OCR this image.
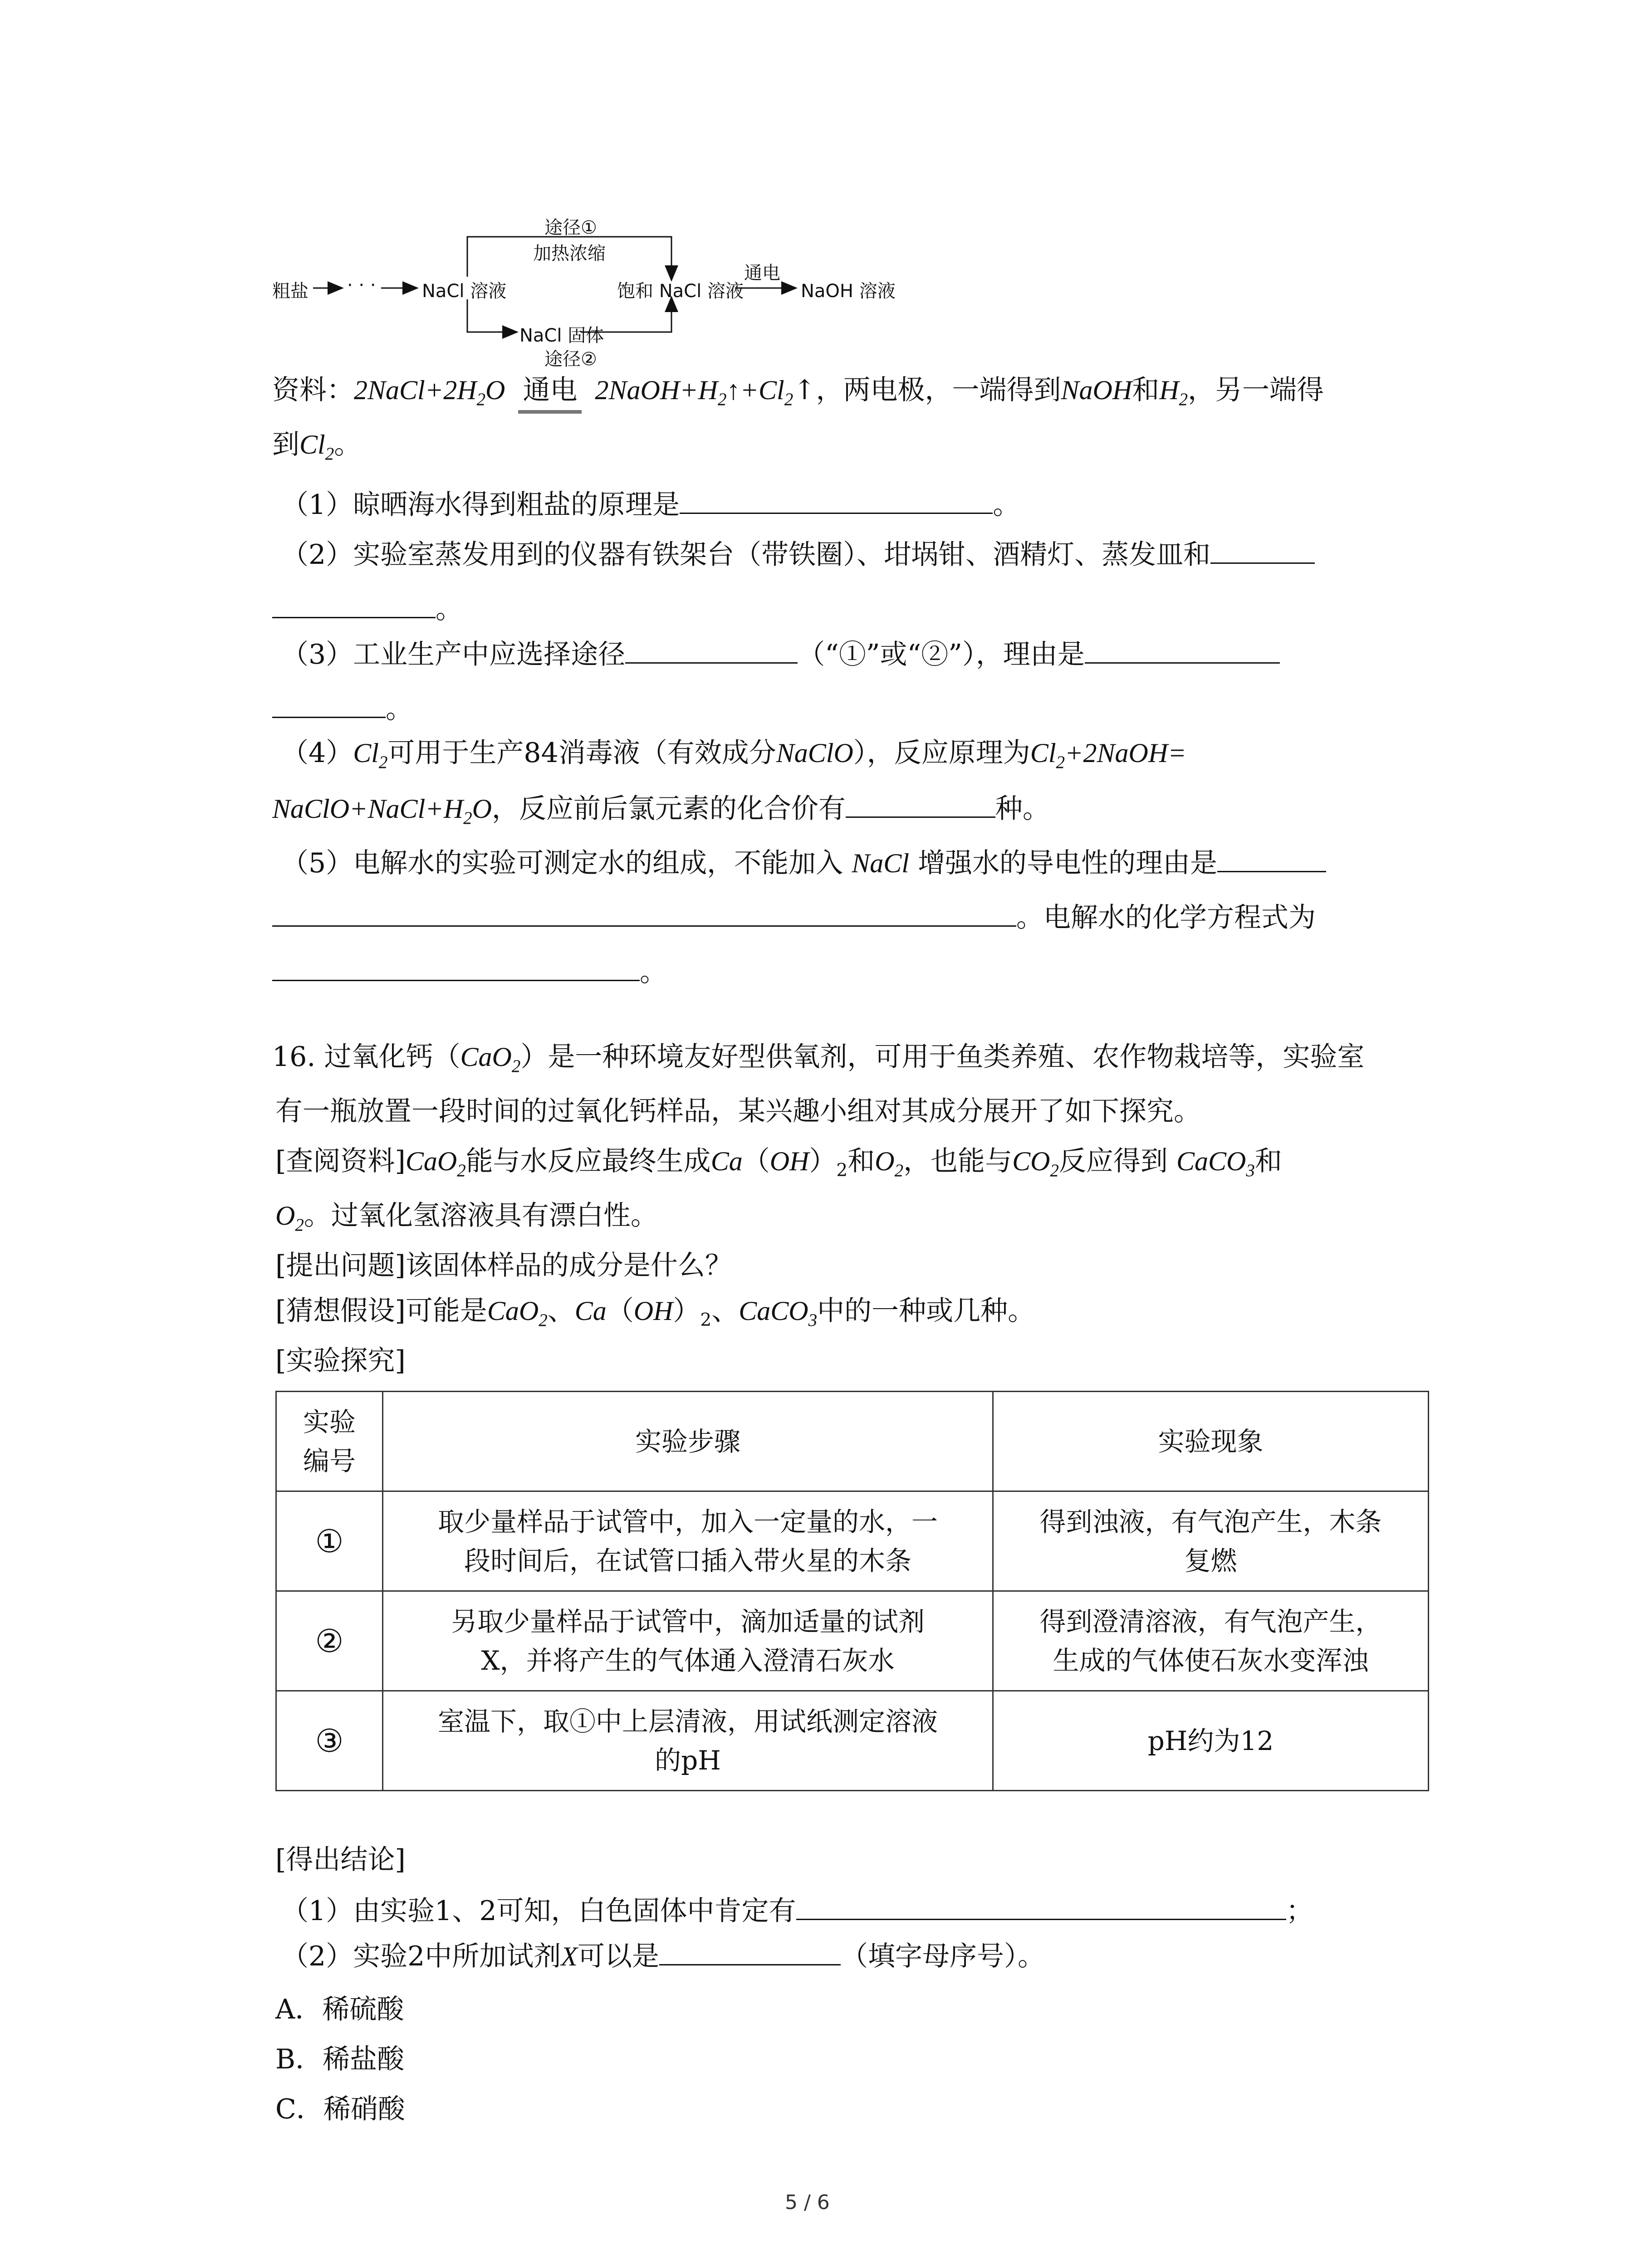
· · ·
粗盐	NaCl 溶液
途径①
加热浓缩
NaCl 固体
途径②
饱和 NaCl 溶液
通电
NaOH 溶液
资料：$2NaCl+2H_2O$ 通电 $2NaOH+H_2↑+Cl_2↑$，两电极，一端得到NaOH和$H_2$，另一端得
到$Cl_2$。
（1）晾晒海水得到粗盐的原理是	。
（2）实验室蒸发用到的仪器有铁架台（带铁圈）、坩埚钳、酒精灯、蒸发皿和
。
（3）工业生产中应选择途径	（“①”或“②”），理由是
。
$(4)Cl_2$可用于生产84消毒液（有效成分NaClO），反应原理为$Cl_2+2NaOH=$
$NaClO+NaCl+H_2O$，反应前后氯元素的化合价有	种。
（5）电解水的实验可测定水的组成，不能加入 NaCl 增强水的导电性的理由是
。电解水的化学方程式为
。
16. 过氧化钙（CaO$_2$）是一种环境友好型供氧剂，可用于鱼类养殖、农作物栽培等，实验室
有一瓶放置一段时间的过氧化钙样品，某兴趣小组对其成分展开了如下探究。
[查阅资料]CaO$_2$能与水反应最终生成$Ca(OH)_2$和$O_2$，也能与$CO_2$反应得到 CaCO$_3$和
$O_2$。过氧化氢溶液具有漂白性。
[提出问题]该固体样品的成分是什么？
[猜想假设]可能是CaO$_2$、$Ca(OH)_2$、CaCO$_3$中的一种或几种。
[实验探究]
实验
编号	实验步骤	实验现象
①	取少量样品于试管中，加入一定量的水，一
段时间后，在试管口插入带火星的木条	得到浊液，有气泡产生，木条
复燃
②	另取少量样品于试管中，滴加适量的试剂
X，并将产生的气体通入澄清石灰水	得到澄清溶液，有气泡产生，
生成的气体使石灰水变浑浊
③	室温下，取①中上层清液，用试纸测定溶液
的pH	pH约为12
[得出结论]
（1）由实验1、2可知，白色固体中肯定有	；
（2）实验2中所加试剂X可以是	（填字母序号）。
A．稀硫酸
B．稀盐酸
C．稀硝酸
5 / 6
